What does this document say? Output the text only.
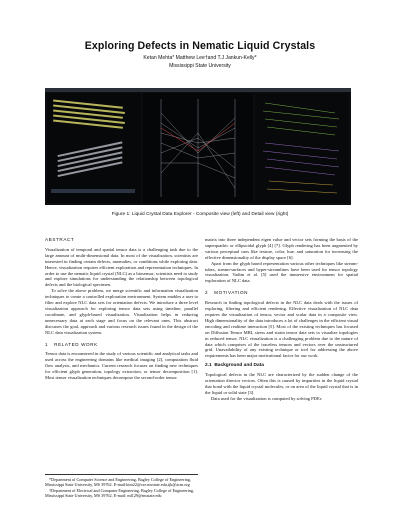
Exploring Defects in Nematic Liquid Crystals
Ketan Mehta* Matthew Lee†and T.J Jankun-Kelly*
Mississippi State University
Figure 1: Liquid Crystal Data Explorer - Composite view (left) and Detail view (right)
ABSTRACT

Visualization of temporal and spatial tensor data is a challenging task due to the large amount of multi-dimensional data. In most of the visualization, scientists are interested in finding certain defects, anomalies, or conditions while exploring data. Hence, visualization requires efficient exploration and representation techniques. In order to use the nematic liquid crystal (NLC) as a biosensor, scientists need to study and explore simulations for understanding the relationship between topological defects and the biological specimen.

To solve the above problem, we merge scientific and information visualization techniques to create a controlled exploration environment. System enables a user to filter and explore NLC data sets for orientation defects. We introduce a three level visualization approach for exploring tensor data sets using timeline, parallel coordinate, and glyph-based visualization. Visualization helps in reducing unnecessary data at each stage and focus on the relevant ones. This abstract discusses the goal, approach and various research issues found in the design of the NLC data visualization system.

1 RELATED WORK

Tensor data is encountered in the study of various scientific and analytical tasks and used across the engineering domains like medical imaging [2], computation fluid flow analysis, and mechanics. Current research focuses on finding new techniques for efficient glyph generation, topology extraction, or tensor decomposition [1]. Most tensor visualization techniques decompose the second-order tensor

matrix into three independent eigen value and vector sets forming the basis of the superquadric or ellipsoidal glyph [4] [7]. Glyph rendering has been augmented by various perceptual cues like texture, color, hue, and saturation for increasing the effective dimensionality of the display space [6].

Apart from the glyph based representation various other techniques like stream-tubes, stream-surfaces and hyper-streamlines have been used for tensor topology visualization. Vadim et al. [5] used the immersive environment for spatial exploration of NLC data.

2 MOTIVATION

Research in finding topological defects in the NLC data deals with the issues of exploring, filtering and efficient rendering. Effective visualization of NLC data requires the visualization of tensor, vector and scalar data in a composite view. High dimensionality of the data introduces a lot of challenges in the efficient visual encoding and realtime interaction [5]. Most of the existing techniques has focused on Diffusion Tensor MRI, stress and strain tensor data sets to visualize topologies in reduced tensor. NLC visualization is a challenging problem due to the nature of data which comprises of the traceless tensors and vectors over the unstructured grid. Unavailability of any existing technique or tool for addressing the above requirements has been major motivational factor for our work.

2.1 Background and Data

Topological defects in the NLC are characterized by the sudden change of the orientation director vectors. Often this is caused by impurities in the liquid crystal that bond with the liquid crystal molecules, or on area of the liquid crystal that is in the liquid or solid state [3].

Data used for the visualization is computed by solving PDEs

*Department of Computer Science and Engineering, Bagley College of Engineering, Mississippi State University, MS 39762. E-mail:ktm22@cse.msstate.edu,tjk@acm.org
†Department of Electrical and Computer Engineering, Bagley College of Engineering, Mississippi State University, MS 39762. E-mail: ml129@msstate.edu
